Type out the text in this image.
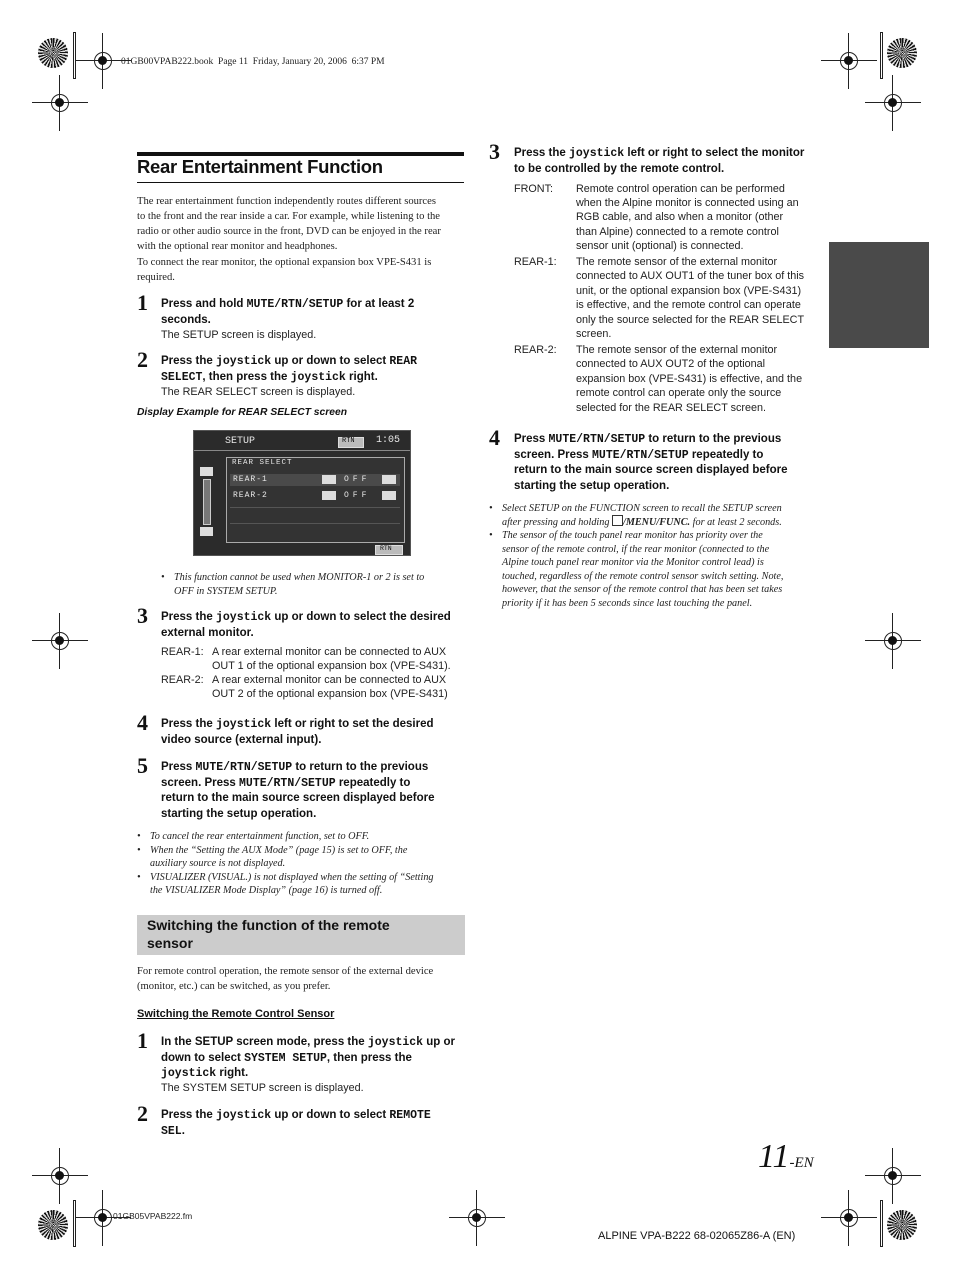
01GB00VPAB222.book  Page 11  Friday, January 20, 2006  6:37 PM
Rear Entertainment Function
The rear entertainment function independently routes different sources
to the front and the rear inside a car. For example, while listening to the
radio or other audio source in the front, DVD can be enjoyed in the rear
with the optional rear monitor and headphones.
To connect the rear monitor, the optional expansion box VPE-S431 is
required.
1 Press and hold MUTE/RTN/SETUP for at least 2
seconds.
The SETUP screen is displayed.
2 Press the joystick up or down to select REAR
SELECT, then press the joystick right.
The REAR SELECT screen is displayed.
Display Example for REAR SELECT screen
SETUP	RTN 1:05
REAR SELECT
REAR-1	OFF
REAR-2	OFF
RTN
• This function cannot be used when MONITOR-1 or 2 is set to
OFF in SYSTEM SETUP.
3 Press the joystick up or down to select the desired
external monitor.
REAR-1: A rear external monitor can be connected to AUX
OUT 1 of the optional expansion box (VPE-S431).
REAR-2: A rear external monitor can be connected to AUX
OUT 2 of the optional expansion box (VPE-S431)
4 Press the joystick left or right to set the desired
video source (external input).
5 Press MUTE/RTN/SETUP to return to the previous
screen. Press MUTE/RTN/SETUP repeatedly to
return to the main source screen displayed before
starting the setup operation.
• To cancel the rear entertainment function, set to OFF.
• When the “Setting the AUX Mode” (page 15) is set to OFF, the
auxiliary source is not displayed.
• VISUALIZER (VISUAL.) is not displayed when the setting of “Setting
the VISUALIZER Mode Display” (page 16) is turned off.
Switching the function of the remote
sensor
For remote control operation, the remote sensor of the external device
(monitor, etc.) can be switched, as you prefer.
Switching the Remote Control Sensor
1 In the SETUP screen mode, press the joystick up or
down to select SYSTEM SETUP, then press the
joystick right.
The SYSTEM SETUP screen is displayed.
2 Press the joystick up or down to select REMOTE
SEL.
3 Press the joystick left or right to select the monitor
to be controlled by the remote control.
FRONT: Remote control operation can be performed
when the Alpine monitor is connected using an
RGB cable, and also when a monitor (other
than Alpine) connected to a remote control
sensor unit (optional) is connected.
REAR-1: The remote sensor of the external monitor
connected to AUX OUT1 of the tuner box of this
unit, or the optional expansion box (VPE-S431)
is effective, and the remote control can operate
only the source selected for the REAR SELECT
screen.
REAR-2: The remote sensor of the external monitor
connected to AUX OUT2 of the optional
expansion box (VPE-S431) is effective, and the
remote control can operate only the source
selected for the REAR SELECT screen.
4 Press MUTE/RTN/SETUP to return to the previous
screen. Press MUTE/RTN/SETUP repeatedly to
return to the main source screen displayed before
starting the setup operation.
• Select SETUP on the FUNCTION screen to recall the SETUP screen
after pressing and holding /MENU/FUNC. for at least 2 seconds.
• The sensor of the touch panel rear monitor has priority over the
sensor of the remote control, if the rear monitor (connected to the
Alpine touch panel rear monitor via the Monitor control lead) is
touched, regardless of the remote control sensor switch setting. Note,
however, that the sensor of the remote control that has been set takes
priority if it has been 5 seconds since last touching the panel.
11-EN
01GB05VPAB222.fm
ALPINE VPA-B222 68-02065Z86-A (EN)
